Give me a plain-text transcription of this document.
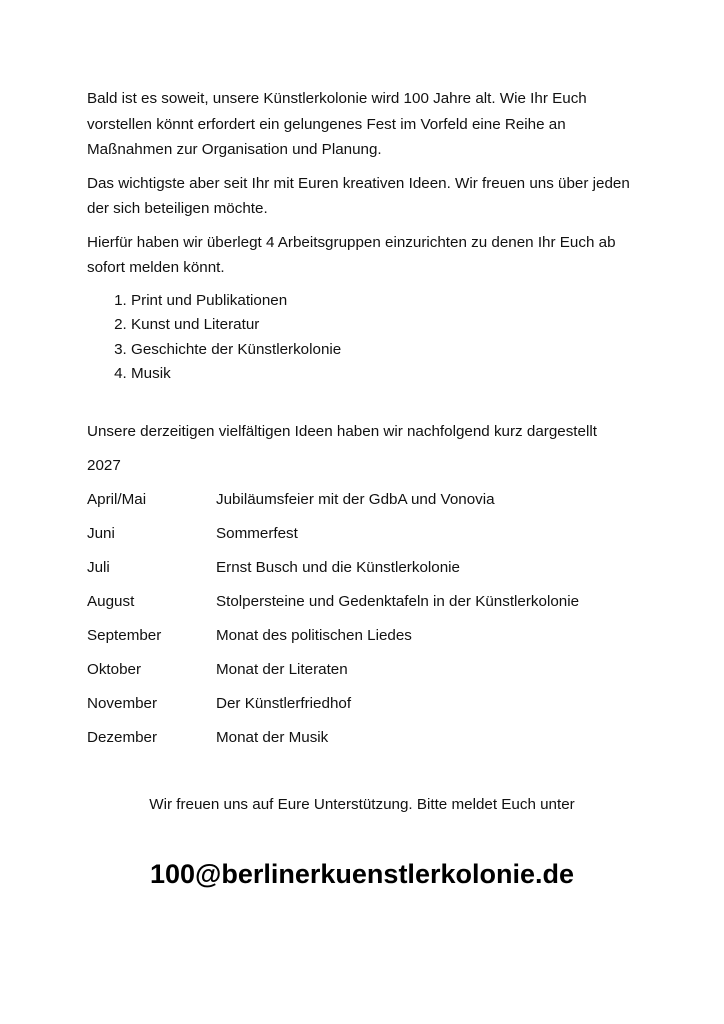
Bald ist es soweit, unsere Künstlerkolonie wird 100 Jahre alt. Wie Ihr Euch vorstellen könnt erfordert ein gelungenes Fest im Vorfeld eine Reihe an Maßnahmen zur Organisation und Planung.

Das wichtigste aber seit Ihr mit Euren kreativen Ideen. Wir freuen uns über jeden der sich beteiligen möchte.

Hierfür haben wir überlegt 4 Arbeitsgruppen einzurichten zu denen Ihr Euch ab sofort melden könnt.

1. Print und Publikationen
2. Kunst und Literatur
3. Geschichte der Künstlerkolonie
4. Musik
Unsere derzeitigen vielfältigen Ideen haben wir nachfolgend kurz dargestellt
2027
April/Mai	Jubiläumsfeier mit der GdbA und Vonovia
Juni	Sommerfest
Juli	Ernst Busch und die Künstlerkolonie
August	Stolpersteine und Gedenktafeln in der Künstlerkolonie
September	Monat des politischen Liedes
Oktober	Monat der Literaten
November	Der Künstlerfriedhof
Dezember	Monat der Musik
Wir freuen uns auf Eure Unterstützung. Bitte meldet Euch unter
100@berlinerkuenstlerkolonie.de
